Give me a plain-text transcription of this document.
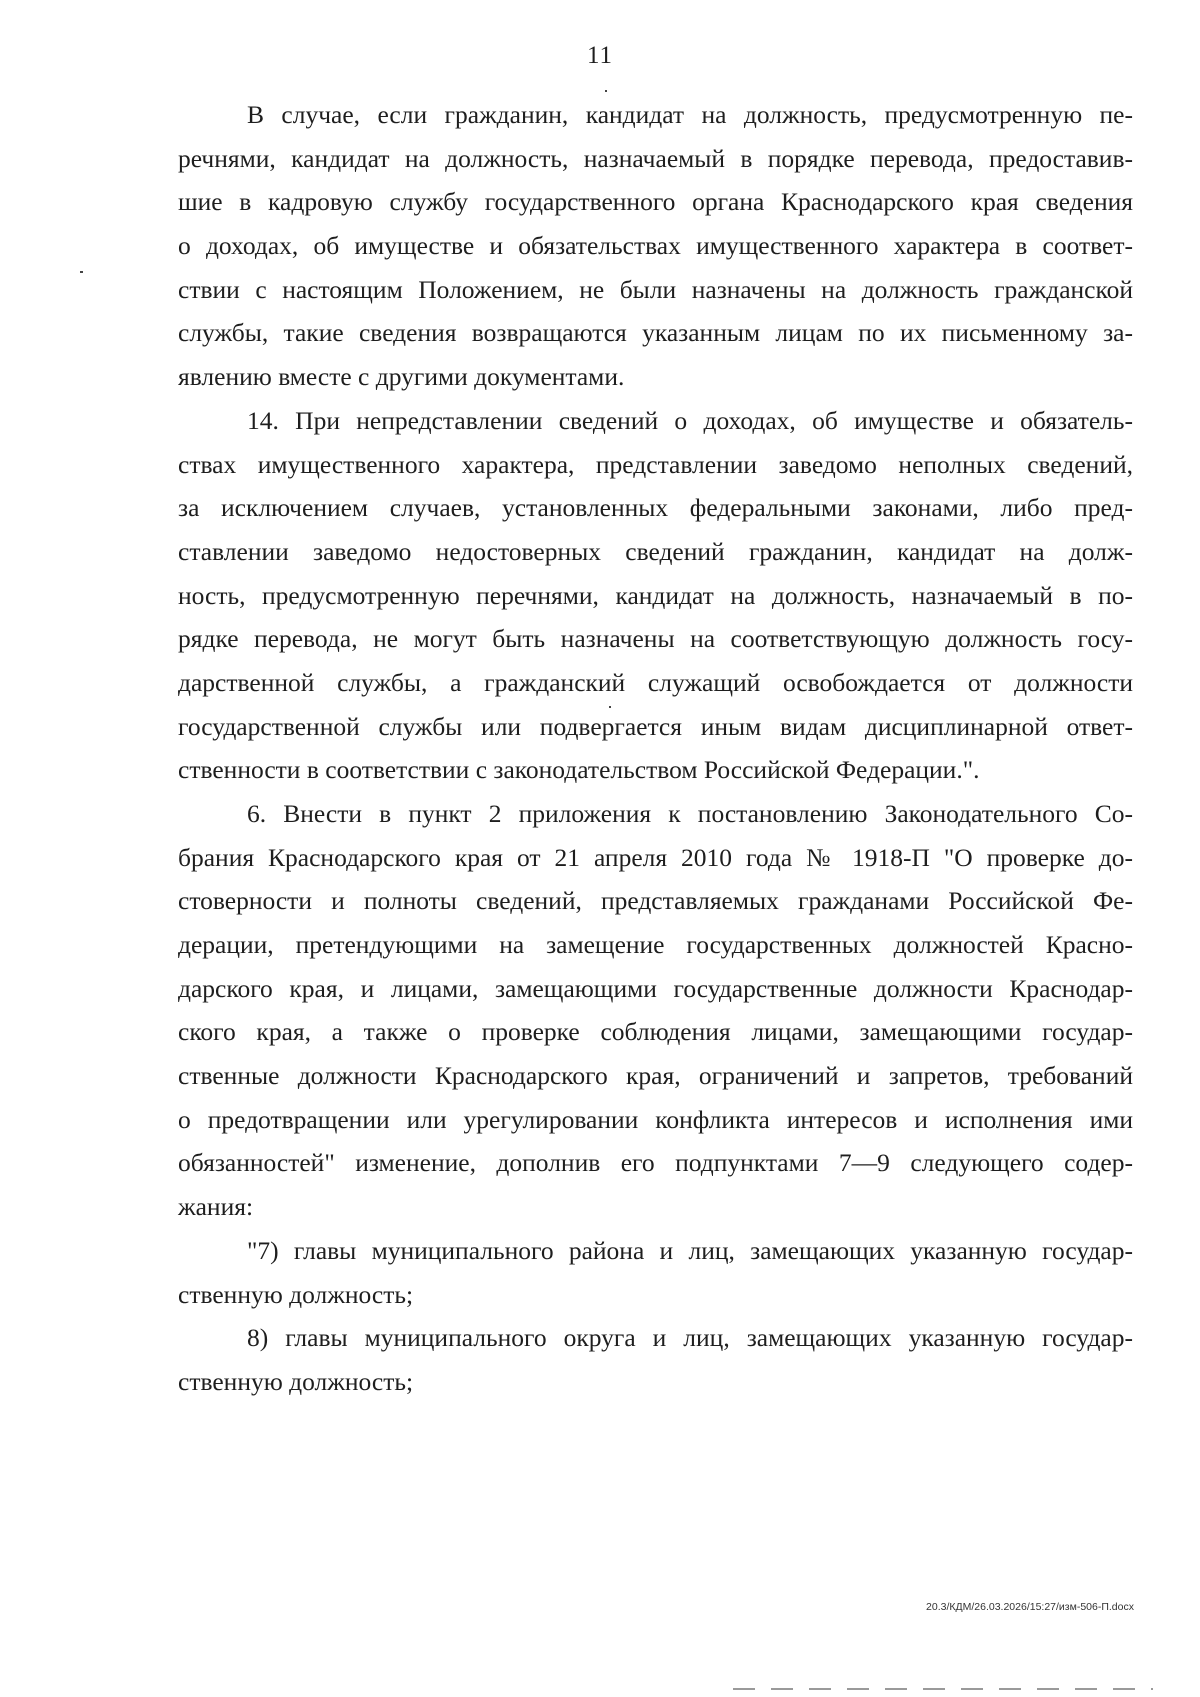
11
В случае, если гражданин, кандидат на должность, предусмотренную пе-
речнями, кандидат на должность, назначаемый в порядке перевода, предоставив-
шие в кадровую службу государственного органа Краснодарского края сведения
о доходах, об имуществе и обязательствах имущественного характера в соответ-
ствии с настоящим Положением, не были назначены на должность гражданской
службы, такие сведения возвращаются указанным лицам по их письменному за-
явлению вместе с другими документами.
14. При непредставлении сведений о доходах, об имуществе и обязатель-
ствах имущественного характера, представлении заведомо неполных сведений,
за исключением случаев, установленных федеральными законами, либо пред-
ставлении заведомо недостоверных сведений гражданин, кандидат на долж-
ность, предусмотренную перечнями, кандидат на должность, назначаемый в по-
рядке перевода, не могут быть назначены на соответствующую должность госу-
дарственной службы, а гражданский служащий освобождается от должности
государственной службы или подвергается иным видам дисциплинарной ответ-
ственности в соответствии с законодательством Российской Федерации.".
6. Внести в пункт 2 приложения к постановлению Законодательного Со-
брания Краснодарского края от 21 апреля 2010 года № 1918-П "О проверке до-
стоверности и полноты сведений, представляемых гражданами Российской Фе-
дерации, претендующими на замещение государственных должностей Красно-
дарского края, и лицами, замещающими государственные должности Краснодар-
ского края, а также о проверке соблюдения лицами, замещающими государ-
ственные должности Краснодарского края, ограничений и запретов, требований
о предотвращении или урегулировании конфликта интересов и исполнения ими
обязанностей" изменение, дополнив его подпунктами 7—9 следующего содер-
жания:
"7) главы муниципального района и лиц, замещающих указанную государ-
ственную должность;
8) главы муниципального округа и лиц, замещающих указанную государ-
ственную должность;
20.3/КДМ/26.03.2026/15:27/изм-506-П.docx
